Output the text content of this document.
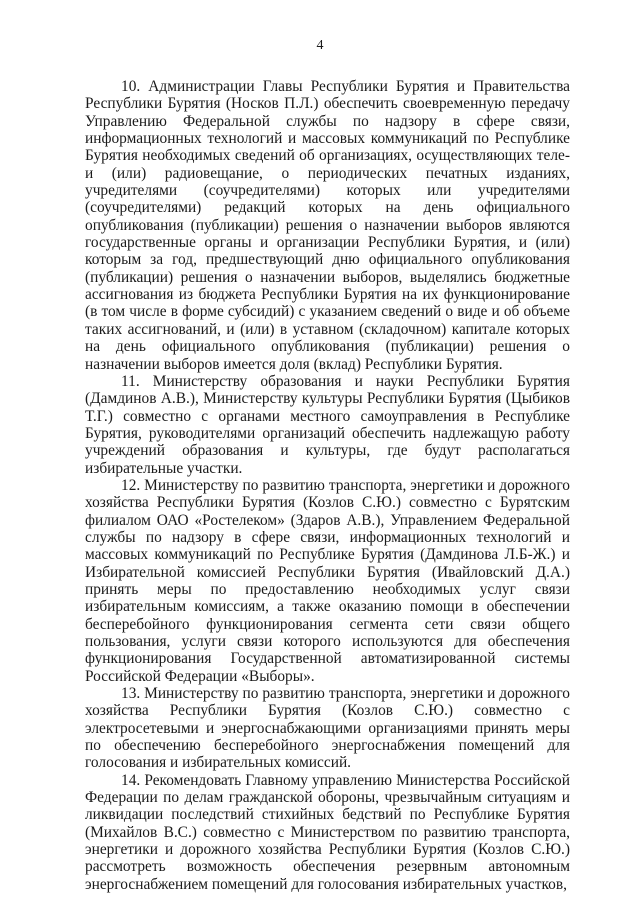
4

10. Администрации Главы Республики Бурятия и Правительства Республики Бурятия (Носков П.Л.) обеспечить своевременную передачу Управлению Федеральной службы по надзору в сфере связи, информационных технологий и массовых коммуникаций по Республике Бурятия необходимых сведений об организациях, осуществляющих теле- и (или) радиовещание, о периодических печатных изданиях, учредителями (соучредителями) которых или учредителями (соучредителями) редакций которых на день официального опубликования (публикации) решения о назначении выборов являются государственные органы и организации Республики Бурятия, и (или) которым за год, предшествующий дню официального опубликования (публикации) решения о назначении выборов, выделялись бюджетные ассигнования из бюджета Республики Бурятия на их функционирование (в том числе в форме субсидий) с указанием сведений о виде и об объеме таких ассигнований, и (или) в уставном (складочном) капитале которых на день официального опубликования (публикации) решения о назначении выборов имеется доля (вклад) Республики Бурятия.

11. Министерству образования и науки Республики Бурятия (Дамдинов А.В.), Министерству культуры Республики Бурятия (Цыбиков Т.Г.) совместно с органами местного самоуправления в Республике Бурятия, руководителями организаций обеспечить надлежащую работу учреждений образования и культуры, где будут располагаться избирательные участки.

12. Министерству по развитию транспорта, энергетики и дорожного хозяйства Республики Бурятия (Козлов С.Ю.) совместно с Бурятским филиалом ОАО «Ростелеком» (Здаров А.В.), Управлением Федеральной службы по надзору в сфере связи, информационных технологий и массовых коммуникаций по Республике Бурятия (Дамдинова Л.Б-Ж.) и Избирательной комиссией Республики Бурятия (Ивайловский Д.А.) принять меры по предоставлению необходимых услуг связи избирательным комиссиям, а также оказанию помощи в обеспечении бесперебойного функционирования сегмента сети связи общего пользования, услуги связи которого используются для обеспечения функционирования Государственной автоматизированной системы Российской Федерации «Выборы».

13. Министерству по развитию транспорта, энергетики и дорожного хозяйства Республики Бурятия (Козлов С.Ю.) совместно с электросетевыми и энергоснабжающими организациями принять меры по обеспечению бесперебойного энергоснабжения помещений для голосования и избирательных комиссий.

14. Рекомендовать Главному управлению Министерства Российской Федерации по делам гражданской обороны, чрезвычайным ситуациям и ликвидации последствий стихийных бедствий по Республике Бурятия (Михайлов В.С.) совместно с Министерством по развитию транспорта, энергетики и дорожного хозяйства Республики Бурятия (Козлов С.Ю.) рассмотреть возможность обеспечения резервным автономным энергоснабжением помещений для голосования избирательных участков,
